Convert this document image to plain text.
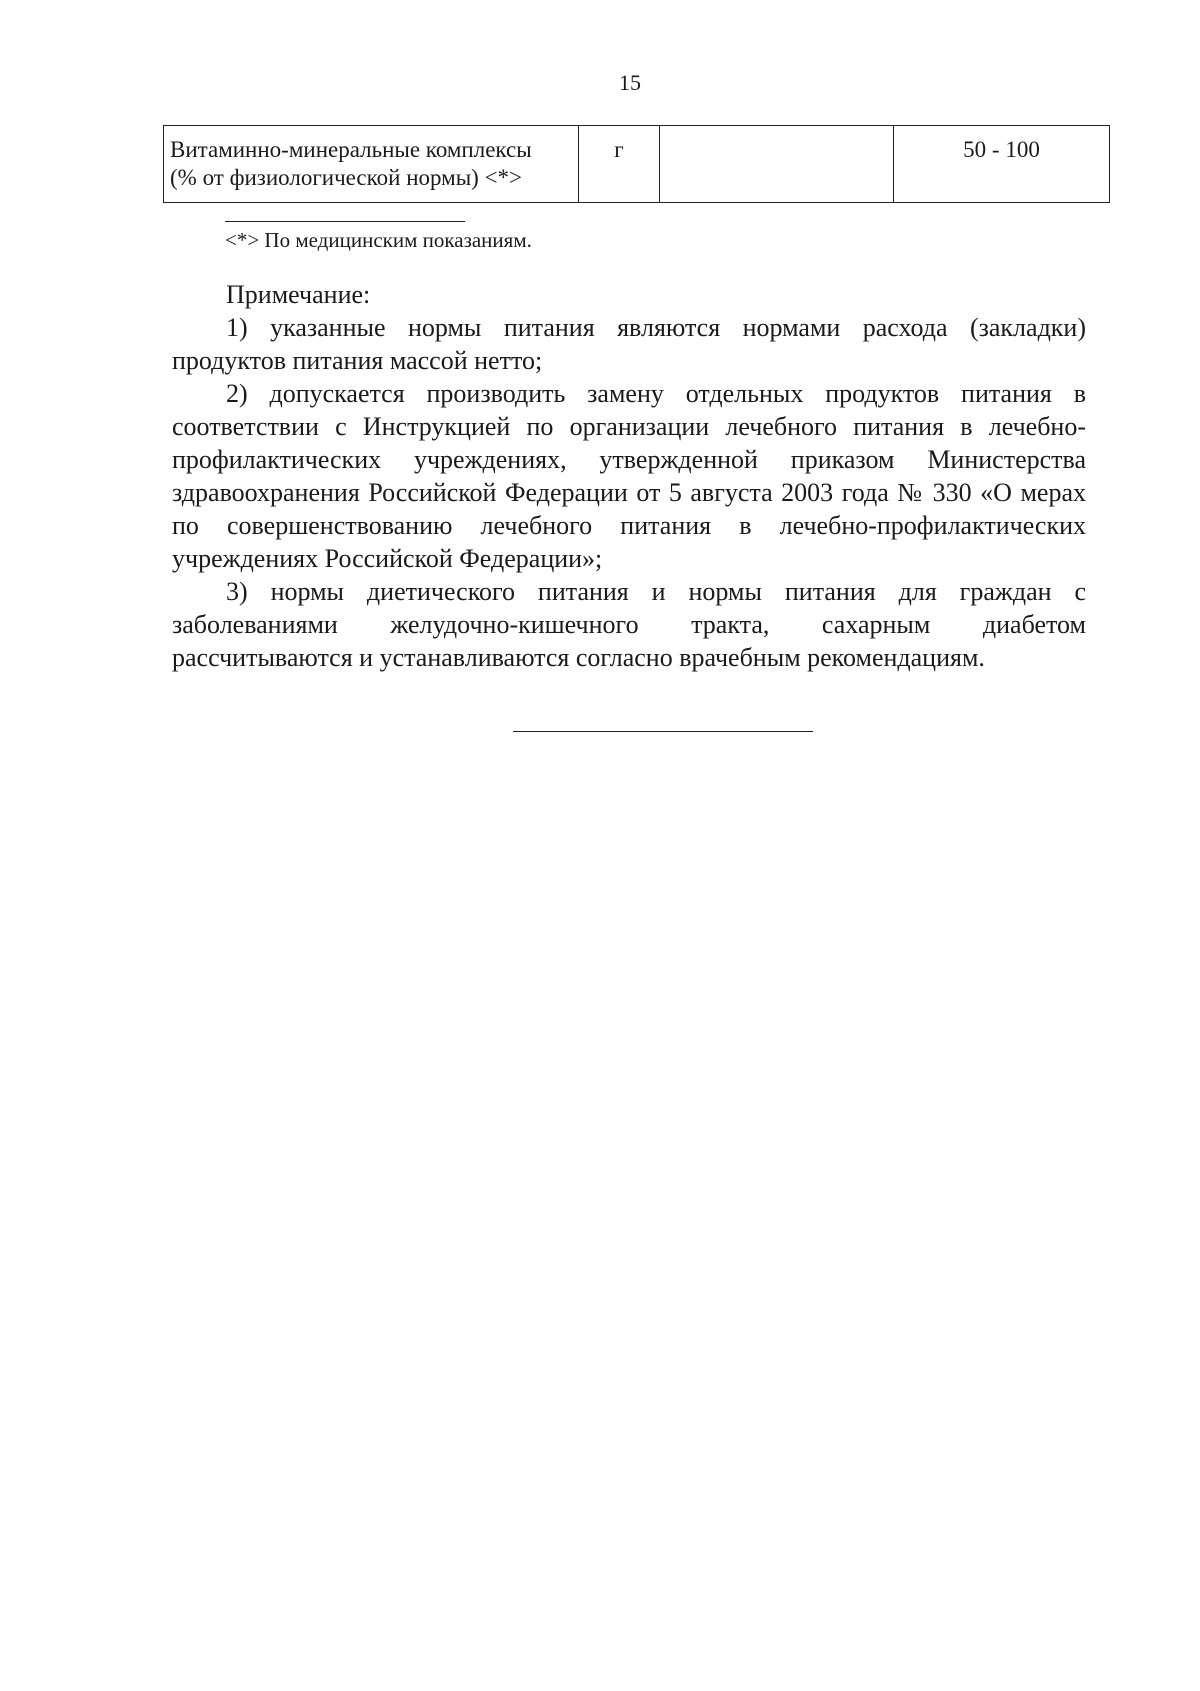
15
Витаминно-минеральные комплексы
(% от физиологической нормы) <*>
	г		50 - 100
<*> По медицинским показаниям.

Примечание:

1) указанные нормы питания являются нормами расхода (закладки) продуктов питания массой нетто;

2) допускается производить замену отдельных продуктов питания в соответствии с Инструкцией по организации лечебного питания в лечебно-профилактических учреждениях, утвержденной приказом Министерства здравоохранения Российской Федерации от 5 августа 2003 года № 330 «О мерах по совершенствованию лечебного питания в лечебно-профилактических учреждениях Российской Федерации»;

3) нормы диетического питания и нормы питания для граждан с заболеваниями желудочно-кишечного тракта, сахарным диабетом рассчитываются и устанавливаются согласно врачебным рекомендациям.
